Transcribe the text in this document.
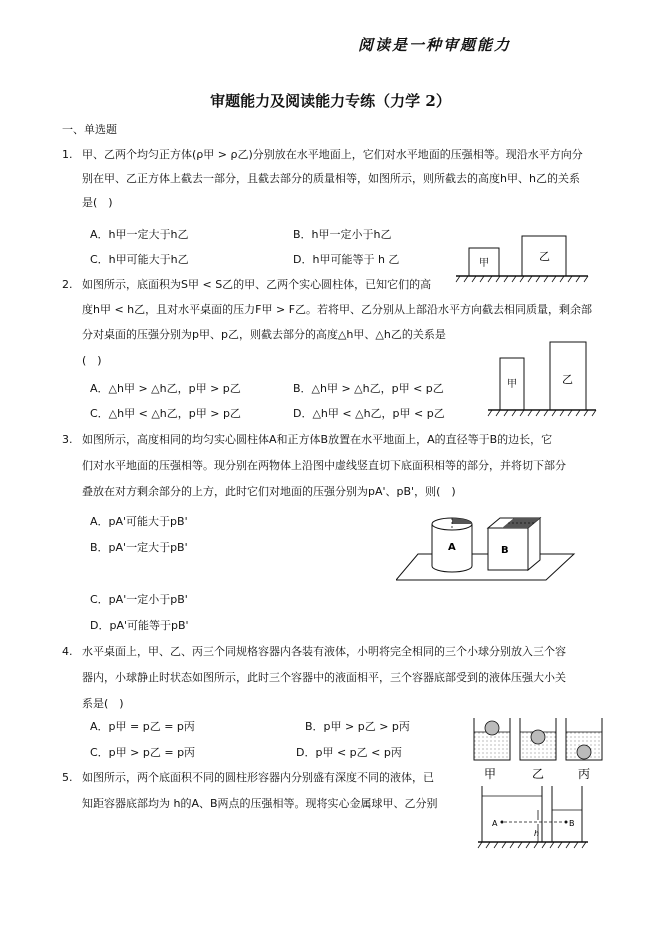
阅读是一种审题能力
审题能力及阅读能力专练（力学 2）
一、单选题
1. 甲、乙两个均匀正方体(ρ甲 > ρ乙)分别放在水平地面上，它们对水平地面的压强相等。现沿水平方向分
别在甲、乙正方体上截去一部分，且截去部分的质量相等，如图所示，则所截去的高度h甲、h乙的关系
是(　)
A．h甲一定大于h乙	B．h甲一定小于h乙
C．h甲可能大于h乙	D．h甲可能等于 h 乙	甲
乙
2. 如图所示，底面积为S甲 < S乙的甲、乙两个实心圆柱体，已知它们的高
度h甲 < h乙，且对水平桌面的压力F甲 > F乙。若将甲、乙分别从上部沿水平方向截去相同质量，剩余部
分对桌面的压强分别为p甲、p乙，则截去部分的高度△h甲、△h乙的关系是
(　)
A．△h甲 > △h乙，p甲 > p乙	B．△h甲 > △h乙，p甲 < p乙
C．△h甲 < △h乙，p甲 > p乙	D．△h甲 < △h乙，p甲 < p乙
甲	乙
3. 如图所示，高度相同的均匀实心圆柱体A和正方体B放置在水平地面上，A的直径等于B的边长，它
们对水平地面的压强相等。现分别在两物体上沿图中虚线竖直切下底面积相等的部分，并将切下部分
叠放在对方剩余部分的上方，此时它们对地面的压强分别为pA'、pB'，则(　)
A．pA'可能大于pB'
B．pA'一定大于pB'
C．pA'一定小于pB'
D．pA'可能等于pB'
A	B
4. 水平桌面上，甲、乙、丙三个同规格容器内各装有液体，小明将完全相同的三个小球分别放入三个容
器内，小球静止时状态如图所示，此时三个容器中的液面相平，三个容器底部受到的液体压强大小关
系是(　)
A．p甲 = p乙 = p丙	B．p甲 > p乙 > p丙
C．p甲 > p乙 = p丙	D．p甲 < p乙 < p丙
甲	乙	丙
5. 如图所示，两个底面积不同的圆柱形容器内分别盛有深度不同的液体，已
知距容器底部均为 h的A、B两点的压强相等。现将实心金属球甲、乙分别
A	B
h
